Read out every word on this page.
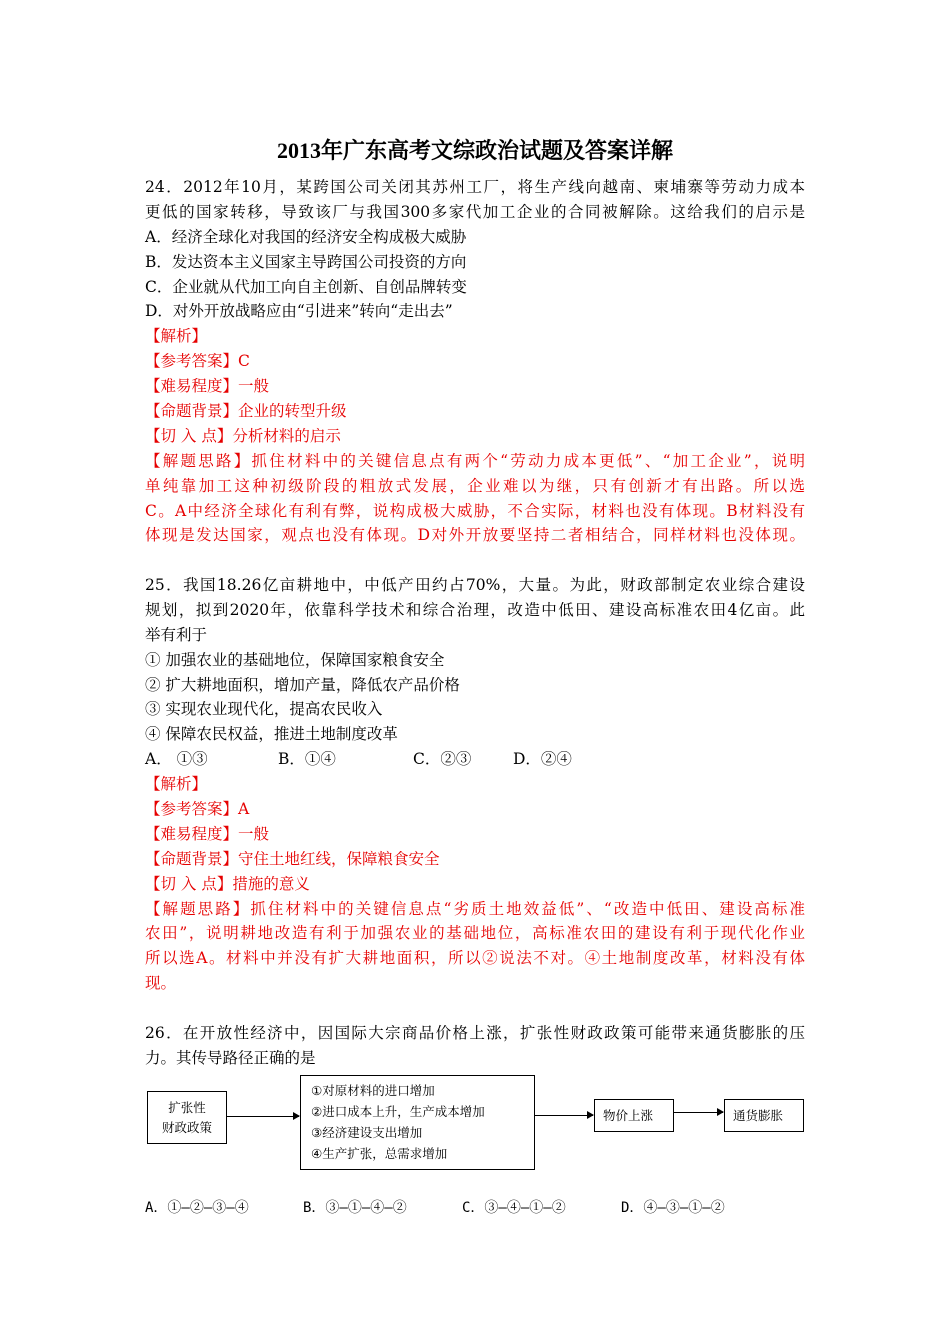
2013年广东高考文综政治试题及答案详解
24．2012年10月，某跨国公司关闭其苏州工厂，将生产线向越南、柬埔寨等劳动力成本
更低的国家转移，导致该厂与我国300多家代加工企业的合同被解除。这给我们的启示是
A．经济全球化对我国的经济安全构成极大威胁
B．发达资本主义国家主导跨国公司投资的方向
C．企业就从代加工向自主创新、自创品牌转变
D．对外开放战略应由“引进来”转向“走出去”
【解析】
【参考答案】C
【难易程度】一般
【命题背景】企业的转型升级
【切 入 点】分析材料的启示
【解题思路】抓住材料中的关键信息点有两个“劳动力成本更低”、“加工企业”，说明
单纯靠加工这种初级阶段的粗放式发展，企业难以为继，只有创新才有出路。所以选
C。A中经济全球化有利有弊，说构成极大威胁，不合实际，材料也没有体现。B材料没有
体现是发达国家，观点也没有体现。D对外开放要坚持二者相结合，同样材料也没体现。
25．我国18.26亿亩耕地中，中低产田约占70%，大量。为此，财政部制定农业综合建设
规划，拟到2020年，依靠科学技术和综合治理，改造中低田、建设高标准农田4亿亩。此
举有利于
① 加强农业的基础地位，保障国家粮食安全
② 扩大耕地面积，增加产量，降低农产品价格
③ 实现农业现代化，提高农民收入
④ 保障农民权益，推进土地制度改革
A． ①③	B．①④	C．②③	D．②④
【解析】
【参考答案】A
【难易程度】一般
【命题背景】守住土地红线，保障粮食安全
【切 入 点】措施的意义
【解题思路】抓住材料中的关键信息点“劣质土地效益低”、“改造中低田、建设高标准
农田”，说明耕地改造有利于加强农业的基础地位，高标准农田的建设有利于现代化作业
所以选A。材料中并没有扩大耕地面积，所以②说法不对。④土地制度改革，材料没有体
现。
26．在开放性经济中，因国际大宗商品价格上涨，扩张性财政政策可能带来通货膨胀的压
力。其传导路径正确的是
扩张性
财政政策
①对原材料的进口增加
②进口成本上升，生产成本增加
③经济建设支出增加
④生产扩张，总需求增加
物价上涨	通货膨胀
A．①—②—③—④	B．③—①—④—②	C．③—④—①—②	D．④—③—①—②
